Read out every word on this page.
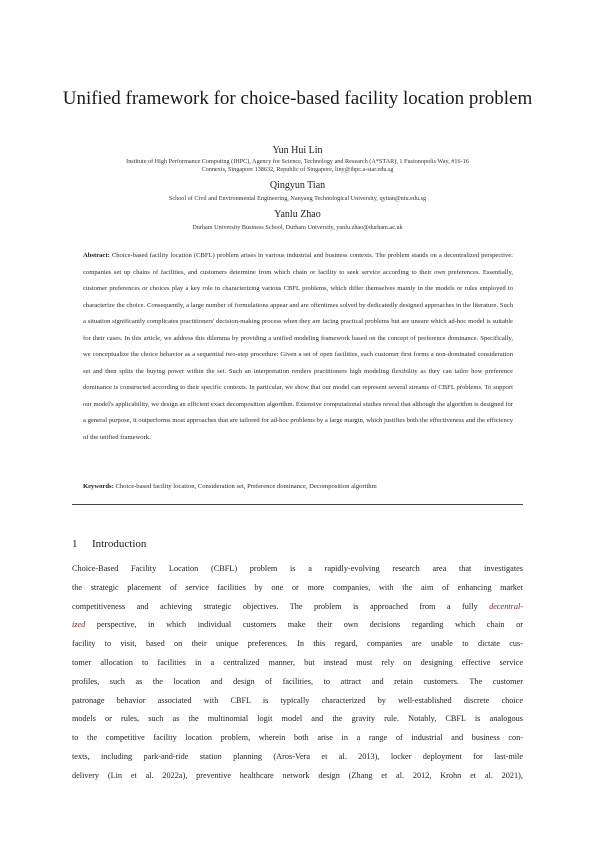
Unified framework for choice-based facility location problem
Yun Hui Lin
Institute of High Performance Computing (IHPC), Agency for Science, Technology and Research (A*STAR), 1 Fusionopolis Way, #16-16
Connexis, Singapore 138632, Republic of Singapore, liny@ihpc.a-star.edu.sg
Qingyun Tian
School of Civil and Environmental Engineering, Nanyang Technological University, qytian@ntu.edu.sg
Yanlu Zhao
Durham University Business School, Durham University, yanlu.zhao@durham.ac.uk
Abstract: Choice-based facility location (CBFL) problem arises in various industrial and business contexts. The problem stands on a decentralized perspective: companies set up chains of facilities, and customers determine from which chain or facility to seek service according to their own preferences. Essentially, customer preferences or choices play a key role in characterizing various CBFL problems, which differ themselves mainly in the models or rules employed to characterize the choice. Consequently, a large number of formulations appear and are oftentimes solved by dedicatedly designed approaches in the literature. Such a situation significantly complicates practitioners' decision-making process when they are facing practical problems but are unsure which ad-hoc model is suitable for their cases. In this article, we address this dilemma by providing a unified modeling framework based on the concept of preference dominance. Specifically, we conceptualize the choice behavior as a sequential two-step procedure: Given a set of open facilities, each customer first forms a non-dominated consideration set and then splits the buying power within the set. Such an interpretation renders practitioners high modeling flexibility as they can tailor how preference dominance is constructed according to their specific contexts. In particular, we show that our model can represent several streams of CBFL problems. To support our model's applicability, we design an efficient exact decomposition algorithm. Extensive computational studies reveal that although the algorithm is designed for a general purpose, it outperforms most approaches that are tailored for ad-hoc problems by a large margin, which justifies both the effectiveness and the efficiency of the unified framework.
Keywords: Choice-based facility location, Consideration set, Preference dominance, Decomposition algorithm
1 Introduction
Choice-Based Facility Location (CBFL) problem is a rapidly-evolving research area that investigates
the strategic placement of service facilities by one or more companies, with the aim of enhancing market
competitiveness and achieving strategic objectives. The problem is approached from a fully decentral-
ized perspective, in which individual customers make their own decisions regarding which chain or
facility to visit, based on their unique preferences. In this regard, companies are unable to dictate cus-
tomer allocation to facilities in a centralized manner, but instead must rely on designing effective service
profiles, such as the location and design of facilities, to attract and retain customers. The customer
patronage behavior associated with CBFL is typically characterized by well-established discrete choice
models or rules, such as the multinomial logit model and the gravity rule. Notably, CBFL is analogous
to the competitive facility location problem, wherein both arise in a range of industrial and business con-
texts, including park-and-ride station planning (Aros-Vera et al. 2013), locker deployment for last-mile
delivery (Lin et al. 2022a), preventive healthcare network design (Zhang et al. 2012, Krohn et al. 2021),
